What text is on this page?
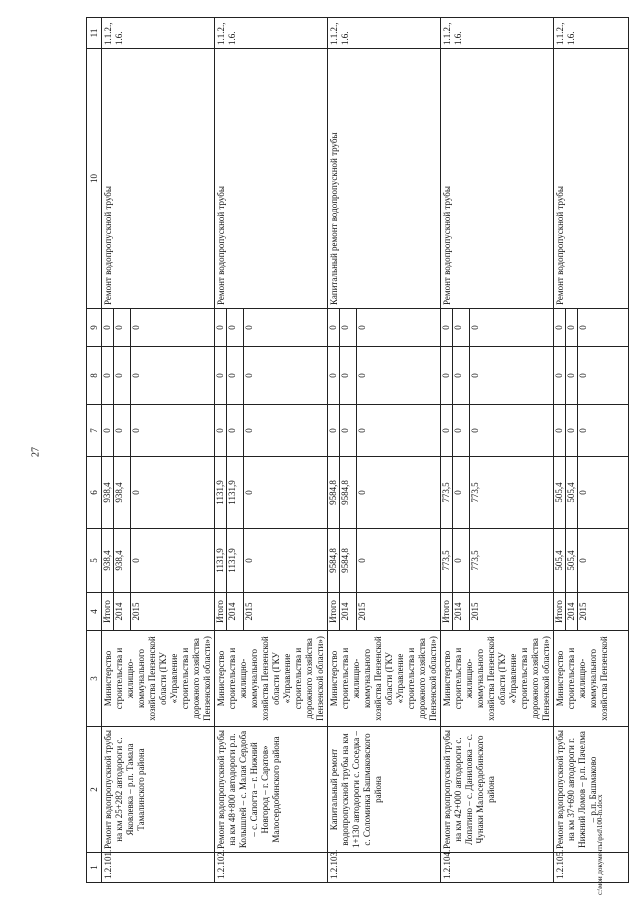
27
1	2	3	4	5	6	7	8	9	10	11
1.2.101.	Ремонт водопропускной трубы на км 25+282 автодороги с. Яковлевка – р.п. Тамала Тамалинского района	Министерство строительства и жилищно-коммунального хозяйства Пензенской области (ГКУ «Управление строительства и дорожного хозяйства Пензенской области»)	Итого	938,4	938,4	0	0	0	Ремонт водопропускной трубы	1.1.2., 1.6.
			2014	938,4	938,4	0	0	0		
			2015	0	0	0	0	0		
1.2.102.	Ремонт водопропускной трубы на км 48+800 автодороги р.п. Колышлей – с. Малая Сердоба – с. Сапогта – г. Нижний Новгород – г. Саратов» Малосердобинского района	Министерство строительства и жилищно-коммунального хозяйства Пензенской области (ГКУ «Управление строительства и дорожного хозяйства Пензенской области»)	Итого	1131,9	1131,9	0	0	0	Ремонт водопропускной трубы	1.1.2., 1.6.
			2014	1131,9	1131,9	0	0	0		
			2015	0	0	0	0	0		
1.2.103.	Капитальный ремонт водопропускной трубы на км 1+130 автодороги с. Соседка – с. Соломинка Башмаковского района	Министерство строительства и жилищно-коммунального хозяйства Пензенской области (ГКУ «Управление строительства и дорожного хозяйства Пензенской области»)	Итого	9584,8	9584,8	0	0	0	Капитальный ремонт водопропускной трубы	1.1.2., 1.6.
			2014	9584,8	9584,8	0	0	0		
			2015	0	0	0	0	0		
1.2.104.	Ремонт водопропускной трубы на км 42+000 автодороги с. Лопатино – с. Даниловка – с. Чунаки Малосердобинского района	Министерство строительства и жилищно-коммунального хозяйства Пензенской области (ГКУ «Управление строительства и дорожного хозяйства Пензенской области»)	Итого	773,5	773,5	0	0	0	Ремонт водопропускной трубы	1.1.2., 1.6.
			2014	0	0	0	0	0		
			2015	773,5	773,5	0	0	0		
1.2.105.	Ремонт водопропускной трубы на км 37+690 автодороги г. Нижний Ломов – р.п. Пачелма – р.п. Башмаково	Министерство строительства и жилищно-коммунального хозяйства Пензенской	Итого	505,4	505,4	0	0	0	Ремонт водопропускной трубы	1.1.2., 1.6.
			2014	505,4	505,4	0	0	0		
			2015	0	0	0	0	0		
c:\мои документы\psd\100-m.docx
